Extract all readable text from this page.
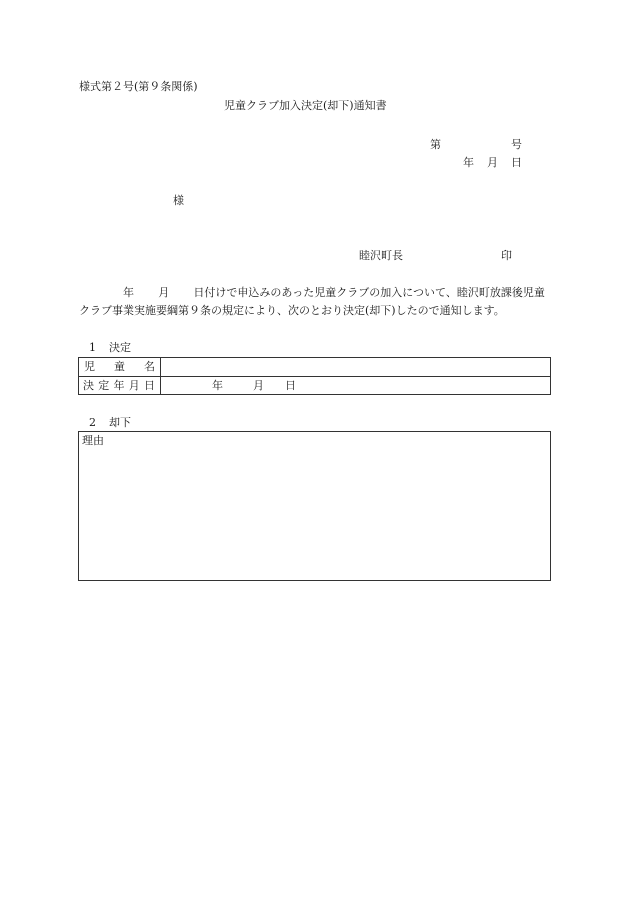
様式第２号(第９条関係)
児童クラブ加入決定(却下)通知書
第	号
年 月 日
様
睦沢町長	印
年 月 日付けで申込みのあった児童クラブの加入について、睦沢町放課後児童クラブ事業実施要綱第９条の規定により、次のとおり決定(却下)したので通知します。
1 決定
児 童 名
決 定 年 月 日	年	月 日
2 却下
理由
